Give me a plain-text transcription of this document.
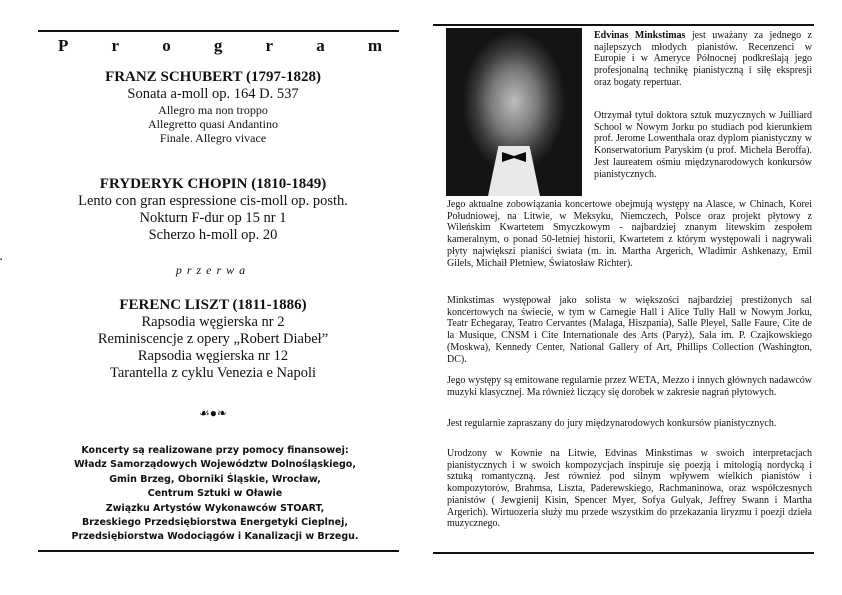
▪
P	r	o	g	r	a	m
FRANZ SCHUBERT (1797-1828)
Sonata a-moll op. 164 D. 537
Allegro ma non troppo
Allegretto quasi Andantino
Finale. Allegro vivace
FRYDERYK CHOPIN (1810-1849)
Lento con gran espressione cis-moll op. posth.
Nokturn F-dur op 15 nr 1
Scherzo h-moll op. 20
przerwa
FERENC LISZT (1811-1886)
Rapsodia węgierska nr 2
Reminiscencje z opery „Robert Diabeł”
Rapsodia węgierska nr 12
Tarantella z cyklu Venezia e Napoli
☙●❧
Koncerty są realizowane przy pomocy finansowej:
Władz Samorządowych Województw Dolnośląskiego,
Gmin Brzeg, Oborniki Śląskie, Wrocław,
Centrum Sztuki w Oławie
Związku Artystów Wykonawców STOART,
Brzeskiego Przedsiębiorstwa Energetyki Cieplnej,
Przedsiębiorstwa Wodociągów i Kanalizacji w Brzegu.

Edvinas Minkstimas jest uważany za jednego z najlepszych młodych pianistów. Recenzenci w Europie i w Ameryce Północnej podkreślają jego profesjonalną technikę pianistyczną i siłę ekspresji oraz bogaty repertuar.

Otrzymał tytuł doktora sztuk muzycznych w Juilliard School w Nowym Jorku po studiach pod kierunkiem prof. Jerome Lowenthala oraz dyplom pianistyczny w Konserwatorium Paryskim (u prof. Michela Beroffa). Jest laureatem ośmiu międzynarodowych konkursów pianistycznych.

Jego aktualne zobowiązania koncertowe obejmują występy na Alasce, w Chinach, Korei Południowej, na Litwie, w Meksyku, Niemczech, Polsce oraz projekt płytowy z Wileńskim Kwartetem Smyczkowym - najbardziej znanym litewskim zespołem kameralnym, o ponad 50-letniej historii, Kwartetem z którym występowali i nagrywali płyty największi pianiści świata (m. in. Martha Argerich, Wladimir Ashkenazy, Emil Gilels, Michaił Pletniew, Światosław Richter).

Minkstimas występował jako solista w większości najbardziej prestiżonych sal koncertowych na świecie, w tym w Carnegie Hall i Alice Tully Hall w Nowym Jorku, Teatr Echegaray, Teatro Cervantes (Malaga, Hiszpania), Salle Pleyel, Salle Faure, Cite de la Musique, CNSM i Cite Internationale des Arts (Paryż), Sala im. P. Czajkowskiego (Moskwa), Kennedy Center, National Gallery of Art, Phillips Collection (Washington, DC).

Jego występy są emitowane regularnie przez WETA, Mezzo i innych głównych nadawców muzyki klasycznej. Ma również liczący się dorobek w zakresie nagrań płytowych.

Jest regularnie zapraszany do jury międzynarodowych konkursów pianistycznych.

Urodzony w Kownie na Litwie, Edvinas Minkstimas w swoich interpretacjach pianistycznych i w swoich kompozycjach inspiruje się poezją i mitologią nordycką i sztuką romantyczną. Jest również pod silnym wpływem wielkich pianistów i kompozytorów, Brahmsa, Liszta, Paderewskiego, Rachmaninowa, oraz współczesnych pianistów ( Jewgienij Kisin, Spencer Myer, Sofya Gulyak, Jeffrey Swann i Martha Argerich). Wirtuozeria służy mu przede wszystkim do przekazania liryzmu i poezji dzieła muzycznego.
